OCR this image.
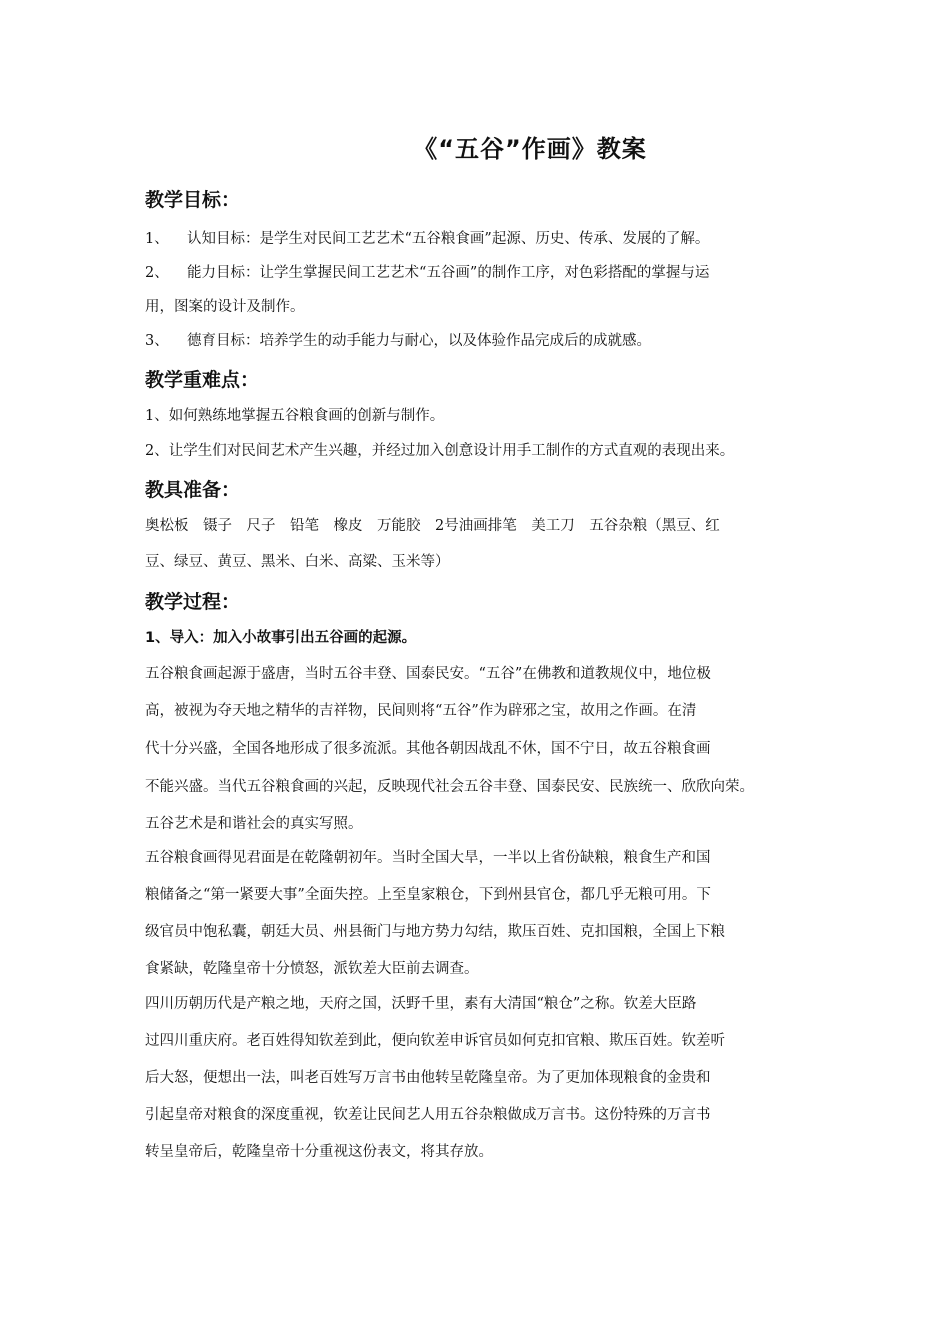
《“五谷”作画》教案
教学目标：
1、 认知目标：是学生对民间工艺艺术“五谷粮食画”起源、历史、传承、发展的了解。
2、 能力目标：让学生掌握民间工艺艺术“五谷画”的制作工序，对色彩搭配的掌握与运
用，图案的设计及制作。
3、 德育目标：培养学生的动手能力与耐心，以及体验作品完成后的成就感。
教学重难点：
1、如何熟练地掌握五谷粮食画的创新与制作。
2、让学生们对民间艺术产生兴趣，并经过加入创意设计用手工制作的方式直观的表现出来。
教具准备：
奥松板　镊子　尺子　铅笔　橡皮　万能胶　2号油画排笔　美工刀　五谷杂粮（黑豆、红
豆、绿豆、黄豆、黑米、白米、高粱、玉米等）
教学过程：
1、导入：加入小故事引出五谷画的起源。
五谷粮食画起源于盛唐，当时五谷丰登、国泰民安。“五谷”在佛教和道教规仪中，地位极
高，被视为夺天地之精华的吉祥物，民间则将“五谷”作为辟邪之宝，故用之作画。在清
代十分兴盛，全国各地形成了很多流派。其他各朝因战乱不休，国不宁日，故五谷粮食画
不能兴盛。当代五谷粮食画的兴起，反映现代社会五谷丰登、国泰民安、民族统一、欣欣向荣。
五谷艺术是和谐社会的真实写照。
五谷粮食画得见君面是在乾隆朝初年。当时全国大旱，一半以上省份缺粮，粮食生产和国
粮储备之“第一紧要大事”全面失控。上至皇家粮仓，下到州县官仓，都几乎无粮可用。下
级官员中饱私囊，朝廷大员、州县衙门与地方势力勾结，欺压百姓、克扣国粮，全国上下粮
食紧缺，乾隆皇帝十分愤怒，派钦差大臣前去调查。
四川历朝历代是产粮之地，天府之国，沃野千里，素有大清国“粮仓”之称。钦差大臣路
过四川重庆府。老百姓得知钦差到此，便向钦差申诉官员如何克扣官粮、欺压百姓。钦差听
后大怒，便想出一法，叫老百姓写万言书由他转呈乾隆皇帝。为了更加体现粮食的金贵和
引起皇帝对粮食的深度重视，钦差让民间艺人用五谷杂粮做成万言书。这份特殊的万言书
转呈皇帝后，乾隆皇帝十分重视这份表文，将其存放。
